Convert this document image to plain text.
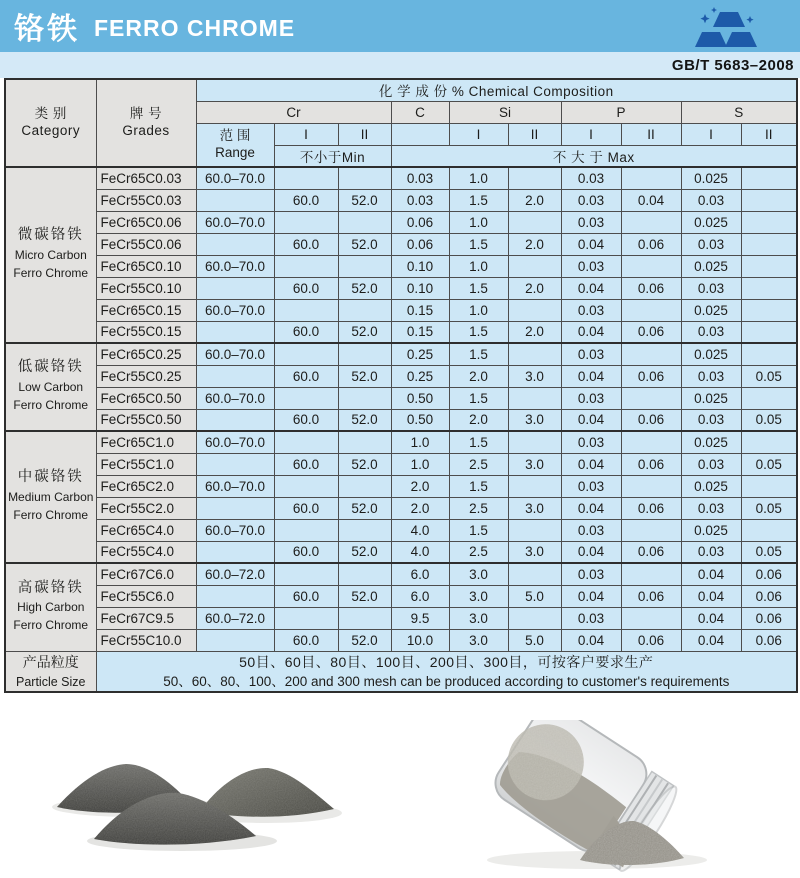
铬铁 FERRO CHROME
GB/T 5683–2008
类 别
Category

牌 号
Grades
	化 学 成 份 % Chemical Composition
		Cr			C	Si		P		S	

		范 围
Range	I	II		I	II	I	II	I	II
			不小于Min		不 大 于 Max						

微碳铬铁
Micro Carbon
Ferro Chrome	FeCr65C0.03	60.0–70.0			0.03	1.0		0.03		0.025	
	FeCr55C0.03		60.0	52.0	0.03	1.5	2.0	0.03	0.04	0.03	
	FeCr65C0.06	60.0–70.0			0.06	1.0		0.03		0.025	
	FeCr55C0.06		60.0	52.0	0.06	1.5	2.0	0.04	0.06	0.03	
	FeCr65C0.10	60.0–70.0			0.10	1.0		0.03		0.025	
	FeCr55C0.10		60.0	52.0	0.10	1.5	2.0	0.04	0.06	0.03	
	FeCr65C0.15	60.0–70.0			0.15	1.0		0.03		0.025	
	FeCr55C0.15		60.0	52.0	0.15	1.5	2.0	0.04	0.06	0.03	

低碳铬铁
Low Carbon
Ferro Chrome	FeCr65C0.25	60.0–70.0			0.25	1.5		0.03		0.025	
	FeCr55C0.25		60.0	52.0	0.25	2.0	3.0	0.04	0.06	0.03	0.05
	FeCr65C0.50	60.0–70.0			0.50	1.5		0.03		0.025	
	FeCr55C0.50		60.0	52.0	0.50	2.0	3.0	0.04	0.06	0.03	0.05

中碳铬铁
Medium Carbon
Ferro Chrome	FeCr65C1.0	60.0–70.0			1.0	1.5		0.03		0.025	
	FeCr55C1.0		60.0	52.0	1.0	2.5	3.0	0.04	0.06	0.03	0.05
	FeCr65C2.0	60.0–70.0			2.0	1.5		0.03		0.025	
	FeCr55C2.0		60.0	52.0	2.0	2.5	3.0	0.04	0.06	0.03	0.05
	FeCr65C4.0	60.0–70.0			4.0	1.5		0.03		0.025	
	FeCr55C4.0		60.0	52.0	4.0	2.5	3.0	0.04	0.06	0.03	0.05

高碳铬铁
High Carbon
Ferro Chrome	FeCr67C6.0	60.0–72.0			6.0	3.0		0.03		0.04	0.06
	FeCr55C6.0		60.0	52.0	6.0	3.0	5.0	0.04	0.06	0.04	0.06
	FeCr67C9.5	60.0–72.0			9.5	3.0		0.03		0.04	0.06
	FeCr55C10.0		60.0	52.0	10.0	3.0	5.0	0.04	0.06	0.04	0.06

产品粒度
Particle Size

50目、60目、80目、100目、200目、300目，可按客户要求生产
50、60、80、100、200 and 300 mesh can be produced according to customer's requirements
